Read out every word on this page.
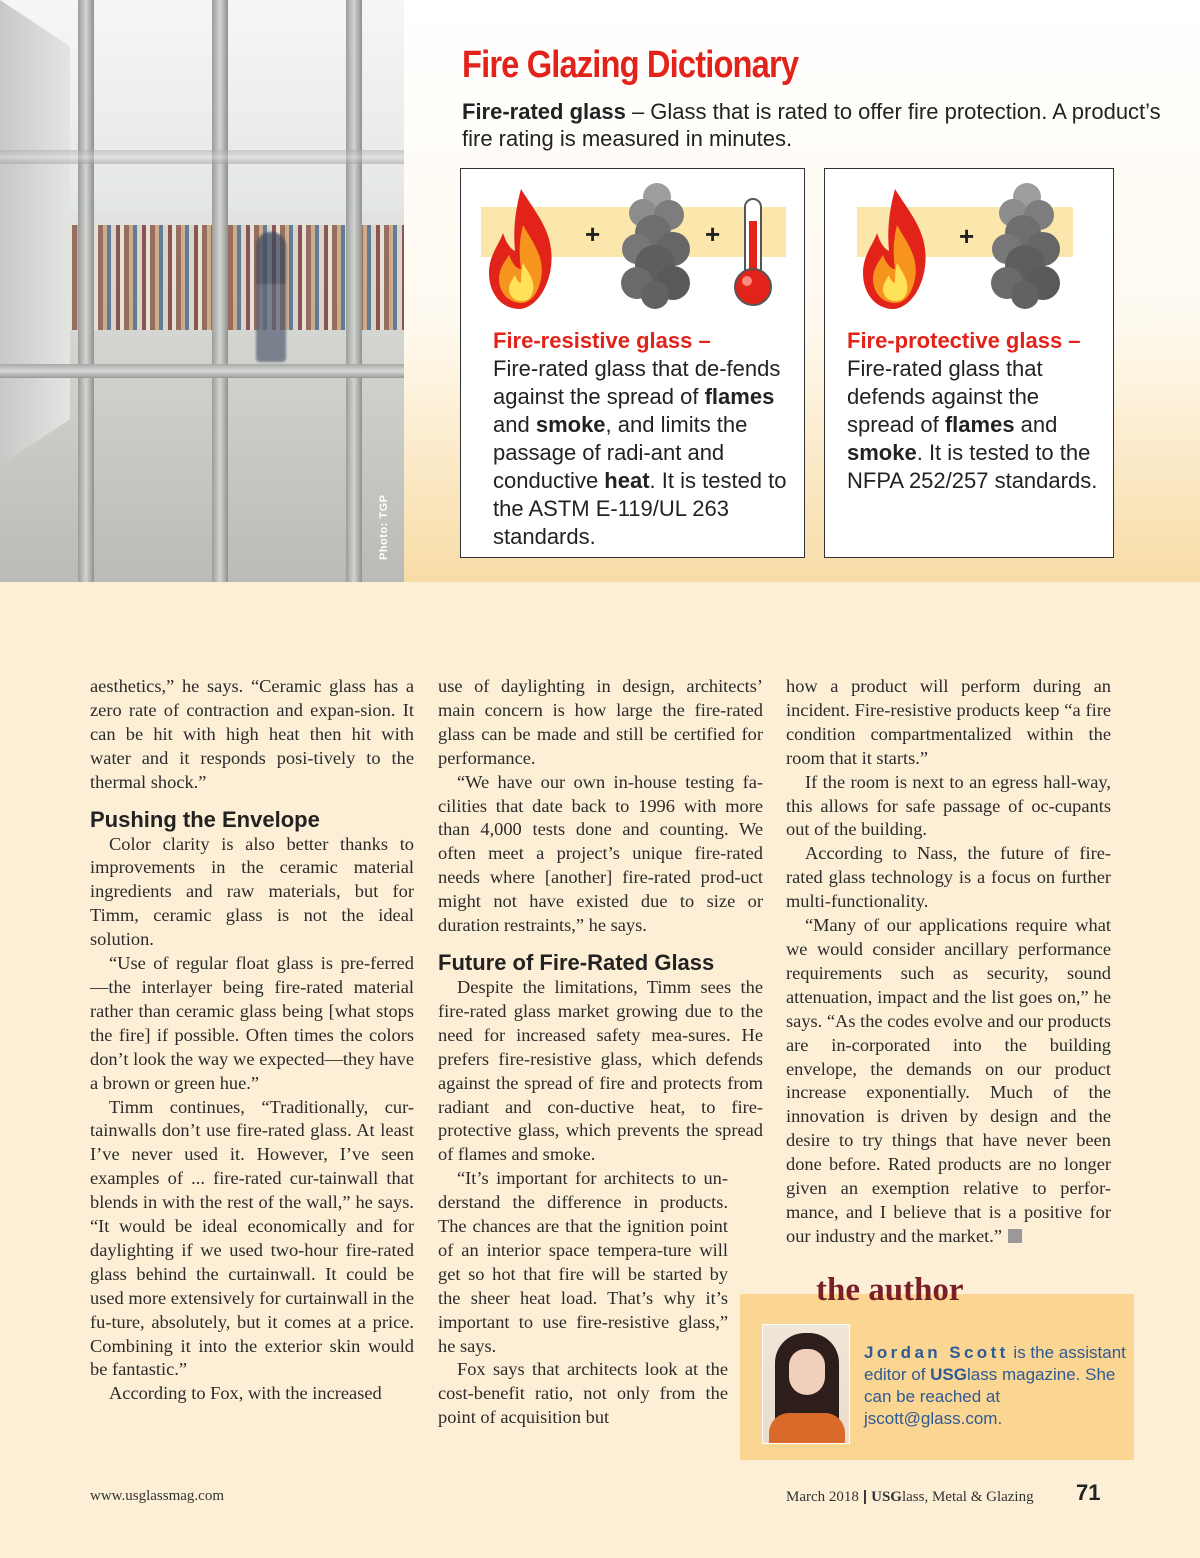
Photo: TGP
Fire Glazing Dictionary
Fire-rated glass – Glass that is rated to offer fire protection. A product’s fire rating is measured in minutes.
+	+
Fire-resistive glass –
Fire-rated glass that de-fends against the spread of flames and smoke, and limits the passage of radi-ant and conductive heat. It is tested to the ASTM E-119/UL 263 standards.
+
Fire-protective glass –
Fire-rated glass that defends against the spread of flames and smoke. It is tested to the NFPA 252/257 standards.

aesthetics,” he says. “Ceramic glass has a zero rate of contraction and expan-sion. It can be hit with high heat then hit with water and it responds posi-tively to the thermal shock.”

Pushing the Envelope

Color clarity is also better thanks to improvements in the ceramic material ingredients and raw materials, but for Timm, ceramic glass is not the ideal solution.

“Use of regular float glass is pre-ferred—the interlayer being fire-rated material rather than ceramic glass being [what stops the fire] if possible. Often times the colors don’t look the way we expected—they have a brown or green hue.”

Timm continues, “Traditionally, cur-tainwalls don’t use fire-rated glass. At least I’ve never used it. However, I’ve seen examples of ... fire-rated cur-tainwall that blends in with the rest of the wall,” he says. “It would be ideal economically and for daylighting if we used two-hour fire-rated glass behind the curtainwall. It could be used more extensively for curtainwall in the fu-ture, absolutely, but it comes at a price. Combining it into the exterior skin would be fantastic.”

According to Fox, with the increased

use of daylighting in design, architects’ main concern is how large the fire-rated glass can be made and still be certified for performance.

“We have our own in-house testing fa-cilities that date back to 1996 with more than 4,000 tests done and counting. We often meet a project’s unique fire-rated needs where [another] fire-rated prod-uct might not have existed due to size or duration restraints,” he says.

Future of Fire-Rated Glass

Despite the limitations, Timm sees the fire-rated glass market growing due to the need for increased safety mea-sures. He prefers fire-resistive glass, which defends against the spread of fire and protects from radiant and con-ductive heat, to fire-protective glass, which prevents the spread of flames and smoke.

“It’s important for architects to un-derstand the difference in products. The chances are that the ignition point of an interior space tempera-ture will get so hot that fire will be started by the sheer heat load. That’s why it’s important to use fire-resistive glass,” he says.

Fox says that architects look at the cost-benefit ratio, not only from the point of acquisition but

how a product will perform during an incident. Fire-resistive products keep “a fire condition compartmentalized within the room that it starts.”

If the room is next to an egress hall-way, this allows for safe passage of oc-cupants out of the building.

According to Nass, the future of fire-rated glass technology is a focus on further multi-functionality.

“Many of our applications require what we would consider ancillary performance requirements such as security, sound attenuation, impact and the list goes on,” he says. “As the codes evolve and our products are in-corporated into the building envelope, the demands on our product increase exponentially. Much of the innovation is driven by design and the desire to try things that have never been done before. Rated products are no longer given an exemption relative to perfor-mance, and I believe that is a positive for our industry and the market.”

Jordan Scott is the assistant editor of USGlass magazine. She can be reached at jscott@glass.com.
the author
www.usglassmag.com	March 2018 | USGlass, Metal & Glazing 71
